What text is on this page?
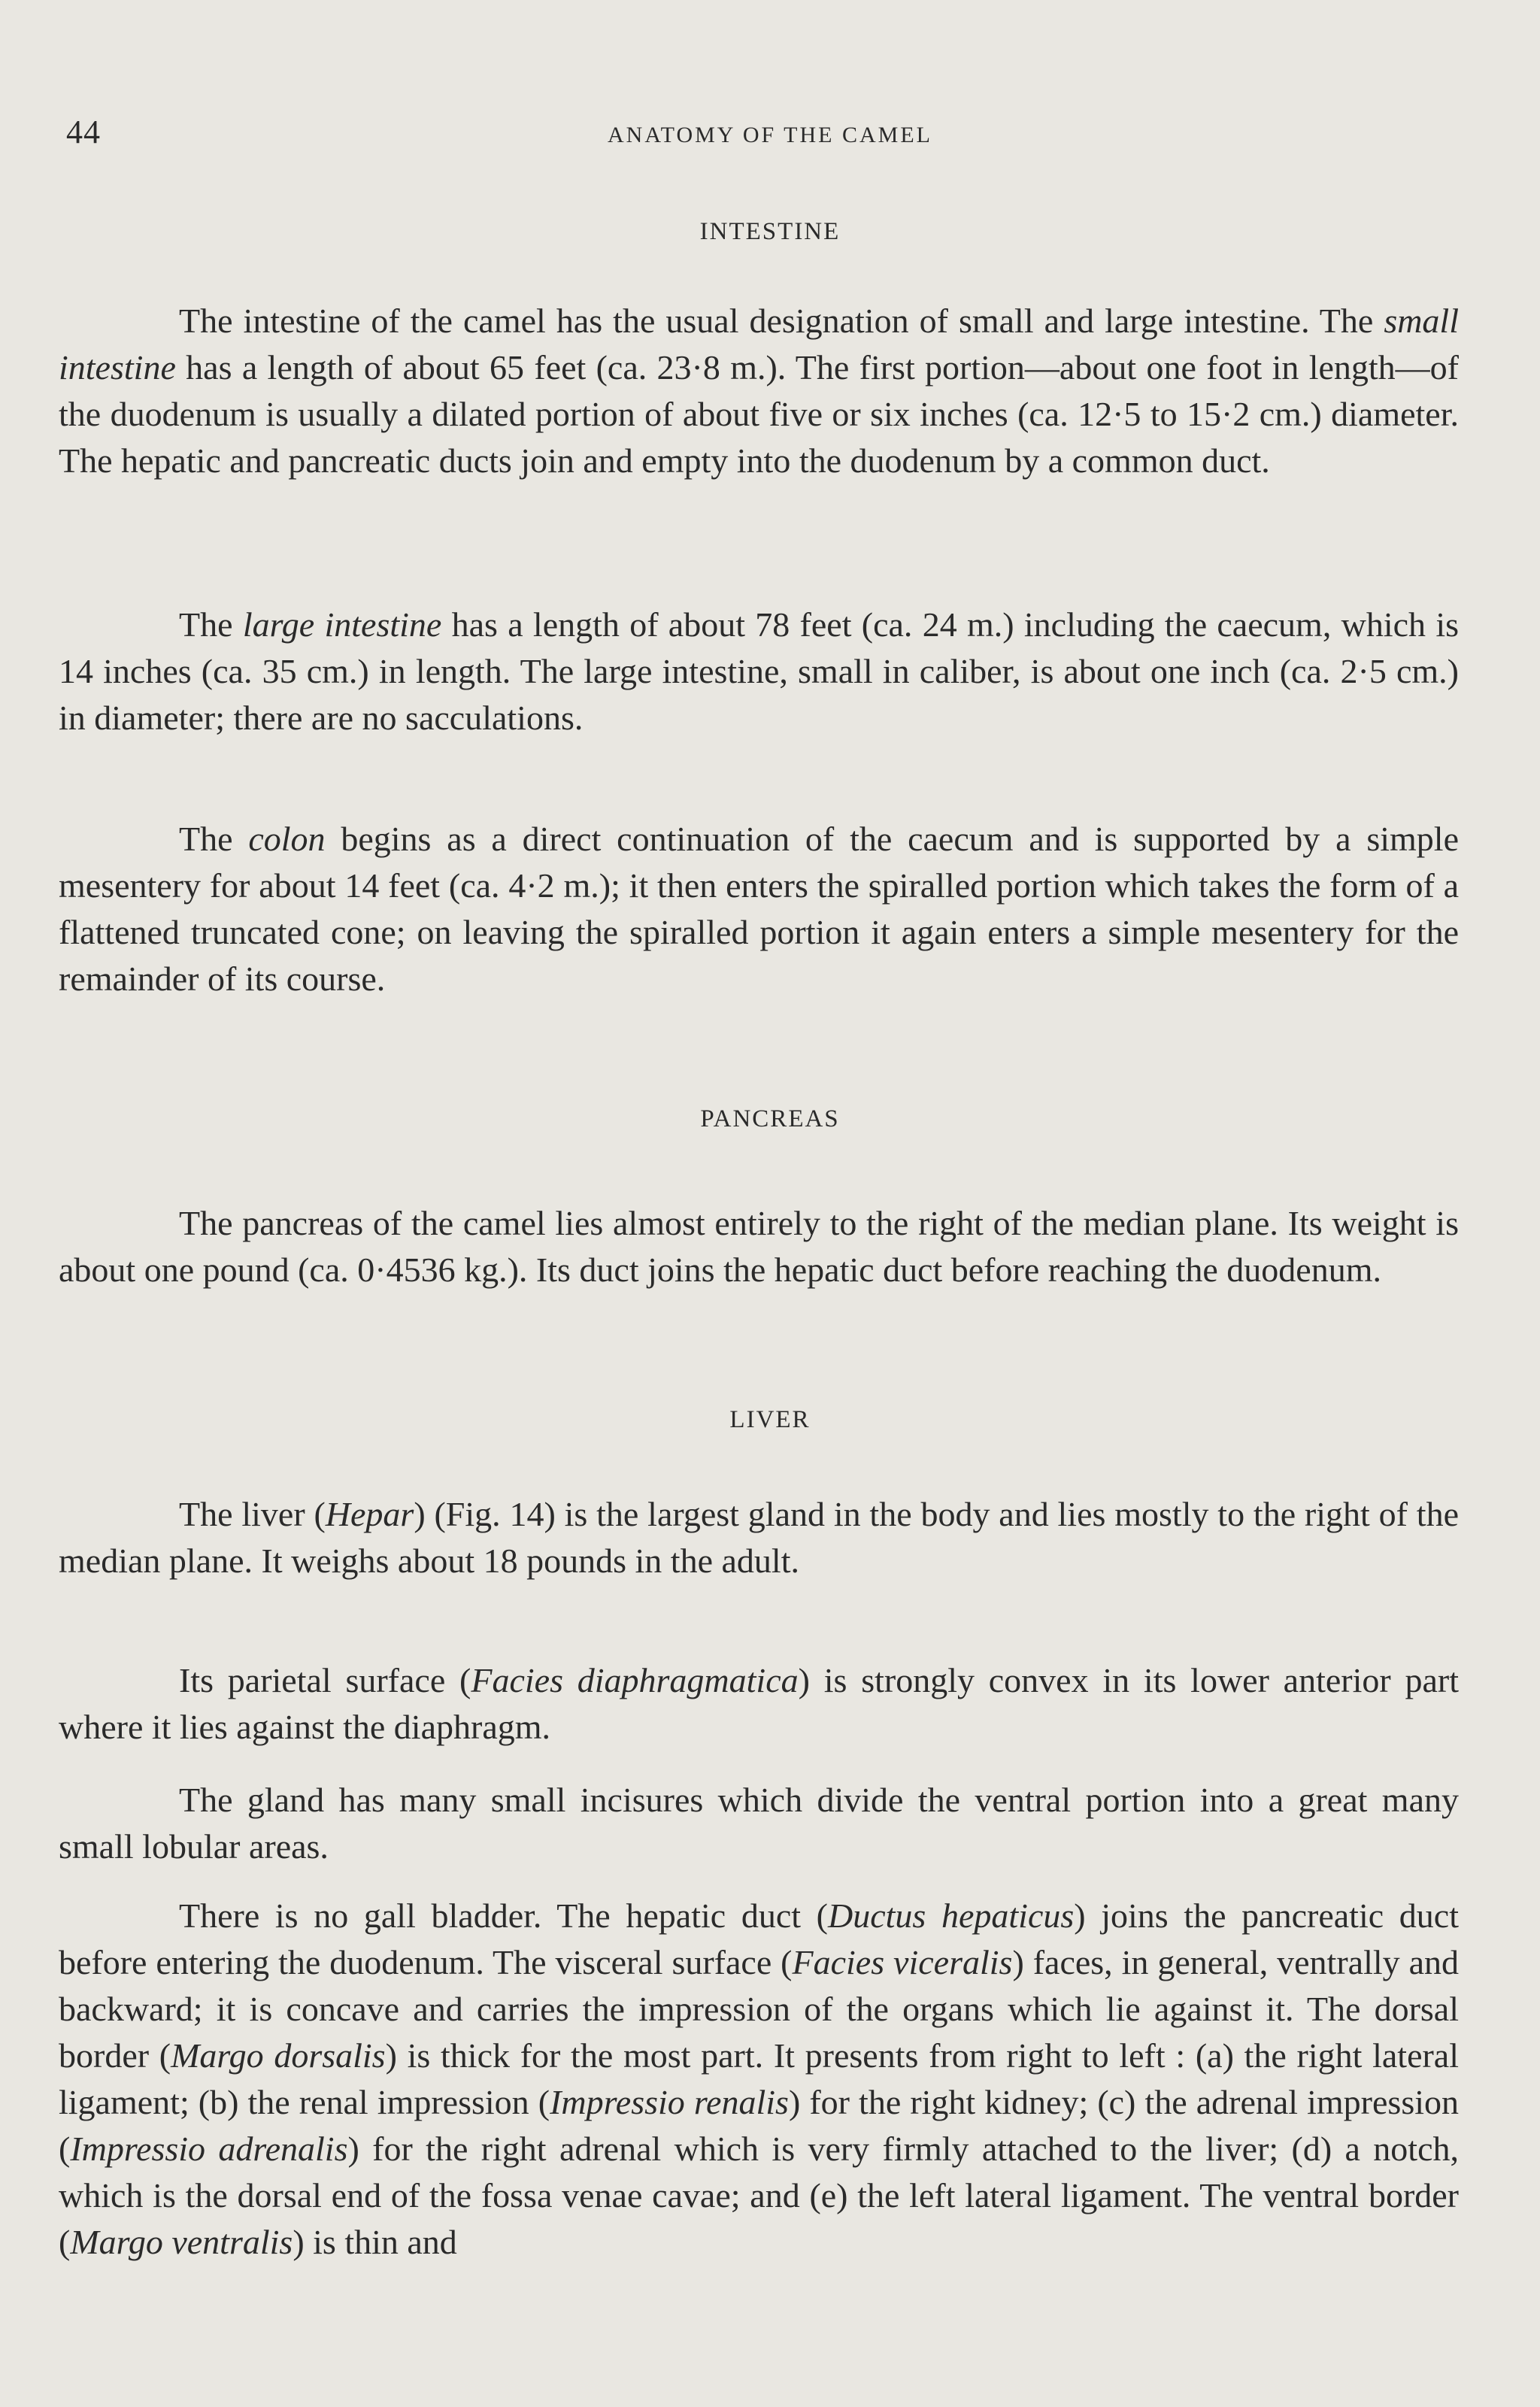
44	ANATOMY OF THE CAMEL
INTESTINE

The intestine of the camel has the usual designation of small and large intestine. The small intestine has a length of about 65 feet (ca. 23·8 m.). The first portion—about one foot in length—of the duodenum is usually a dilated portion of about five or six inches (ca. 12·5 to 15·2 cm.) diameter. The hepatic and pancreatic ducts join and empty into the duodenum by a common duct.

The large intestine has a length of about 78 feet (ca. 24 m.) including the caecum, which is 14 inches (ca. 35 cm.) in length. The large intestine, small in caliber, is about one inch (ca. 2·5 cm.) in diameter; there are no sacculations.

The colon begins as a direct continuation of the caecum and is supported by a simple mesentery for about 14 feet (ca. 4·2 m.); it then enters the spiralled portion which takes the form of a flattened truncated cone; on leaving the spiralled portion it again enters a simple mesentery for the remainder of its course.

PANCREAS

The pancreas of the camel lies almost entirely to the right of the median plane. Its weight is about one pound (ca. 0·4536 kg.). Its duct joins the hepatic duct before reaching the duodenum.

LIVER

The liver (Hepar) (Fig. 14) is the largest gland in the body and lies mostly to the right of the median plane. It weighs about 18 pounds in the adult.

Its parietal surface (Facies diaphragmatica) is strongly convex in its lower anterior part where it lies against the diaphragm.

The gland has many small incisures which divide the ventral portion into a great many small lobular areas.

There is no gall bladder. The hepatic duct (Ductus hepaticus) joins the pancreatic duct before entering the duodenum. The visceral surface (Facies viceralis) faces, in general, ventrally and backward; it is concave and carries the impression of the organs which lie against it. The dorsal border (Margo dorsalis) is thick for the most part. It presents from right to left : (a) the right lateral ligament; (b) the renal impression (Impressio renalis) for the right kidney; (c) the adrenal impression (Impressio adrenalis) for the right adrenal which is very firmly attached to the liver; (d) a notch, which is the dorsal end of the fossa venae cavae; and (e) the left lateral ligament. The ventral border (Margo ventralis) is thin and
